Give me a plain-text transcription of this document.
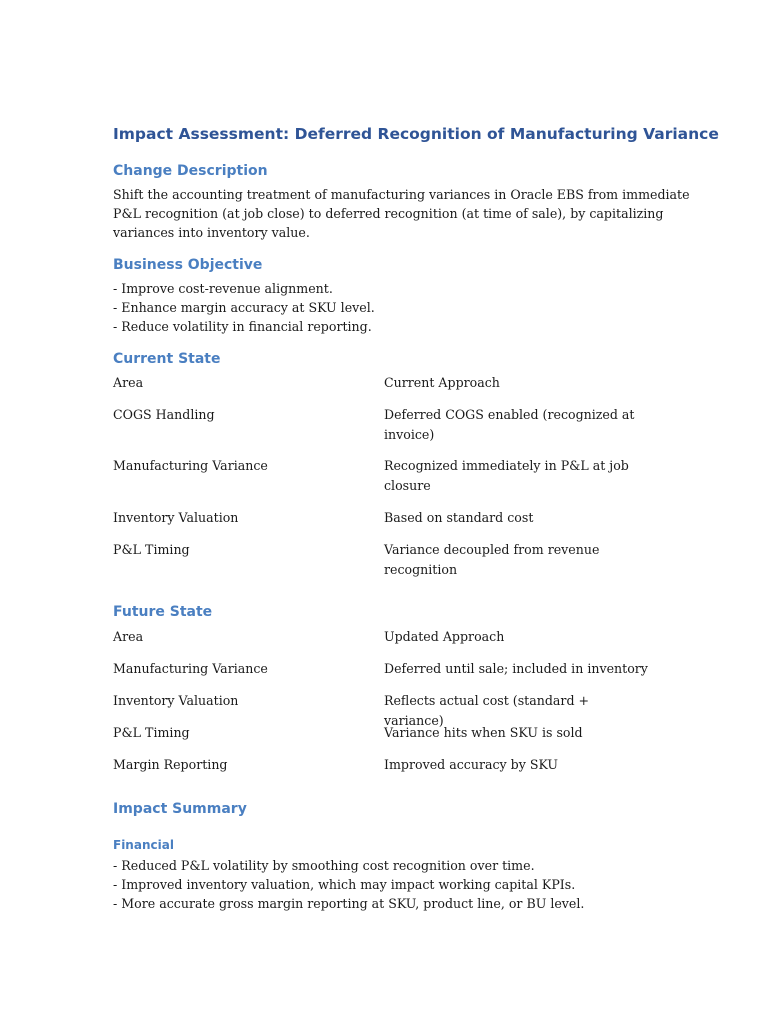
Impact Assessment: Deferred Recognition of Manufacturing Variance
Change Description

Shift the accounting treatment of manufacturing variances in Oracle EBS from immediate
P&L recognition (at job close) to deferred recognition (at time of sale), by capitalizing
variances into inventory value.

Business Objective

- Improve cost-revenue alignment.
- Enhance margin accuracy at SKU level.
- Reduce volatility in financial reporting.

Current State
Area	Current Approach
COGS Handling	Deferred COGS enabled (recognized at invoice)
Manufacturing Variance	Recognized immediately in P&L at job closure
Inventory Valuation	Based on standard cost
P&L Timing	Variance decoupled from revenue recognition
Future State
Area	Updated Approach
Manufacturing Variance	Deferred until sale; included in inventory
Inventory Valuation	Reflects actual cost (standard + variance)
P&L Timing	Variance hits when SKU is sold
Margin Reporting	Improved accuracy by SKU
Impact Summary
Financial

- Reduced P&L volatility by smoothing cost recognition over time.
- Improved inventory valuation, which may impact working capital KPIs.
- More accurate gross margin reporting at SKU, product line, or BU level.
